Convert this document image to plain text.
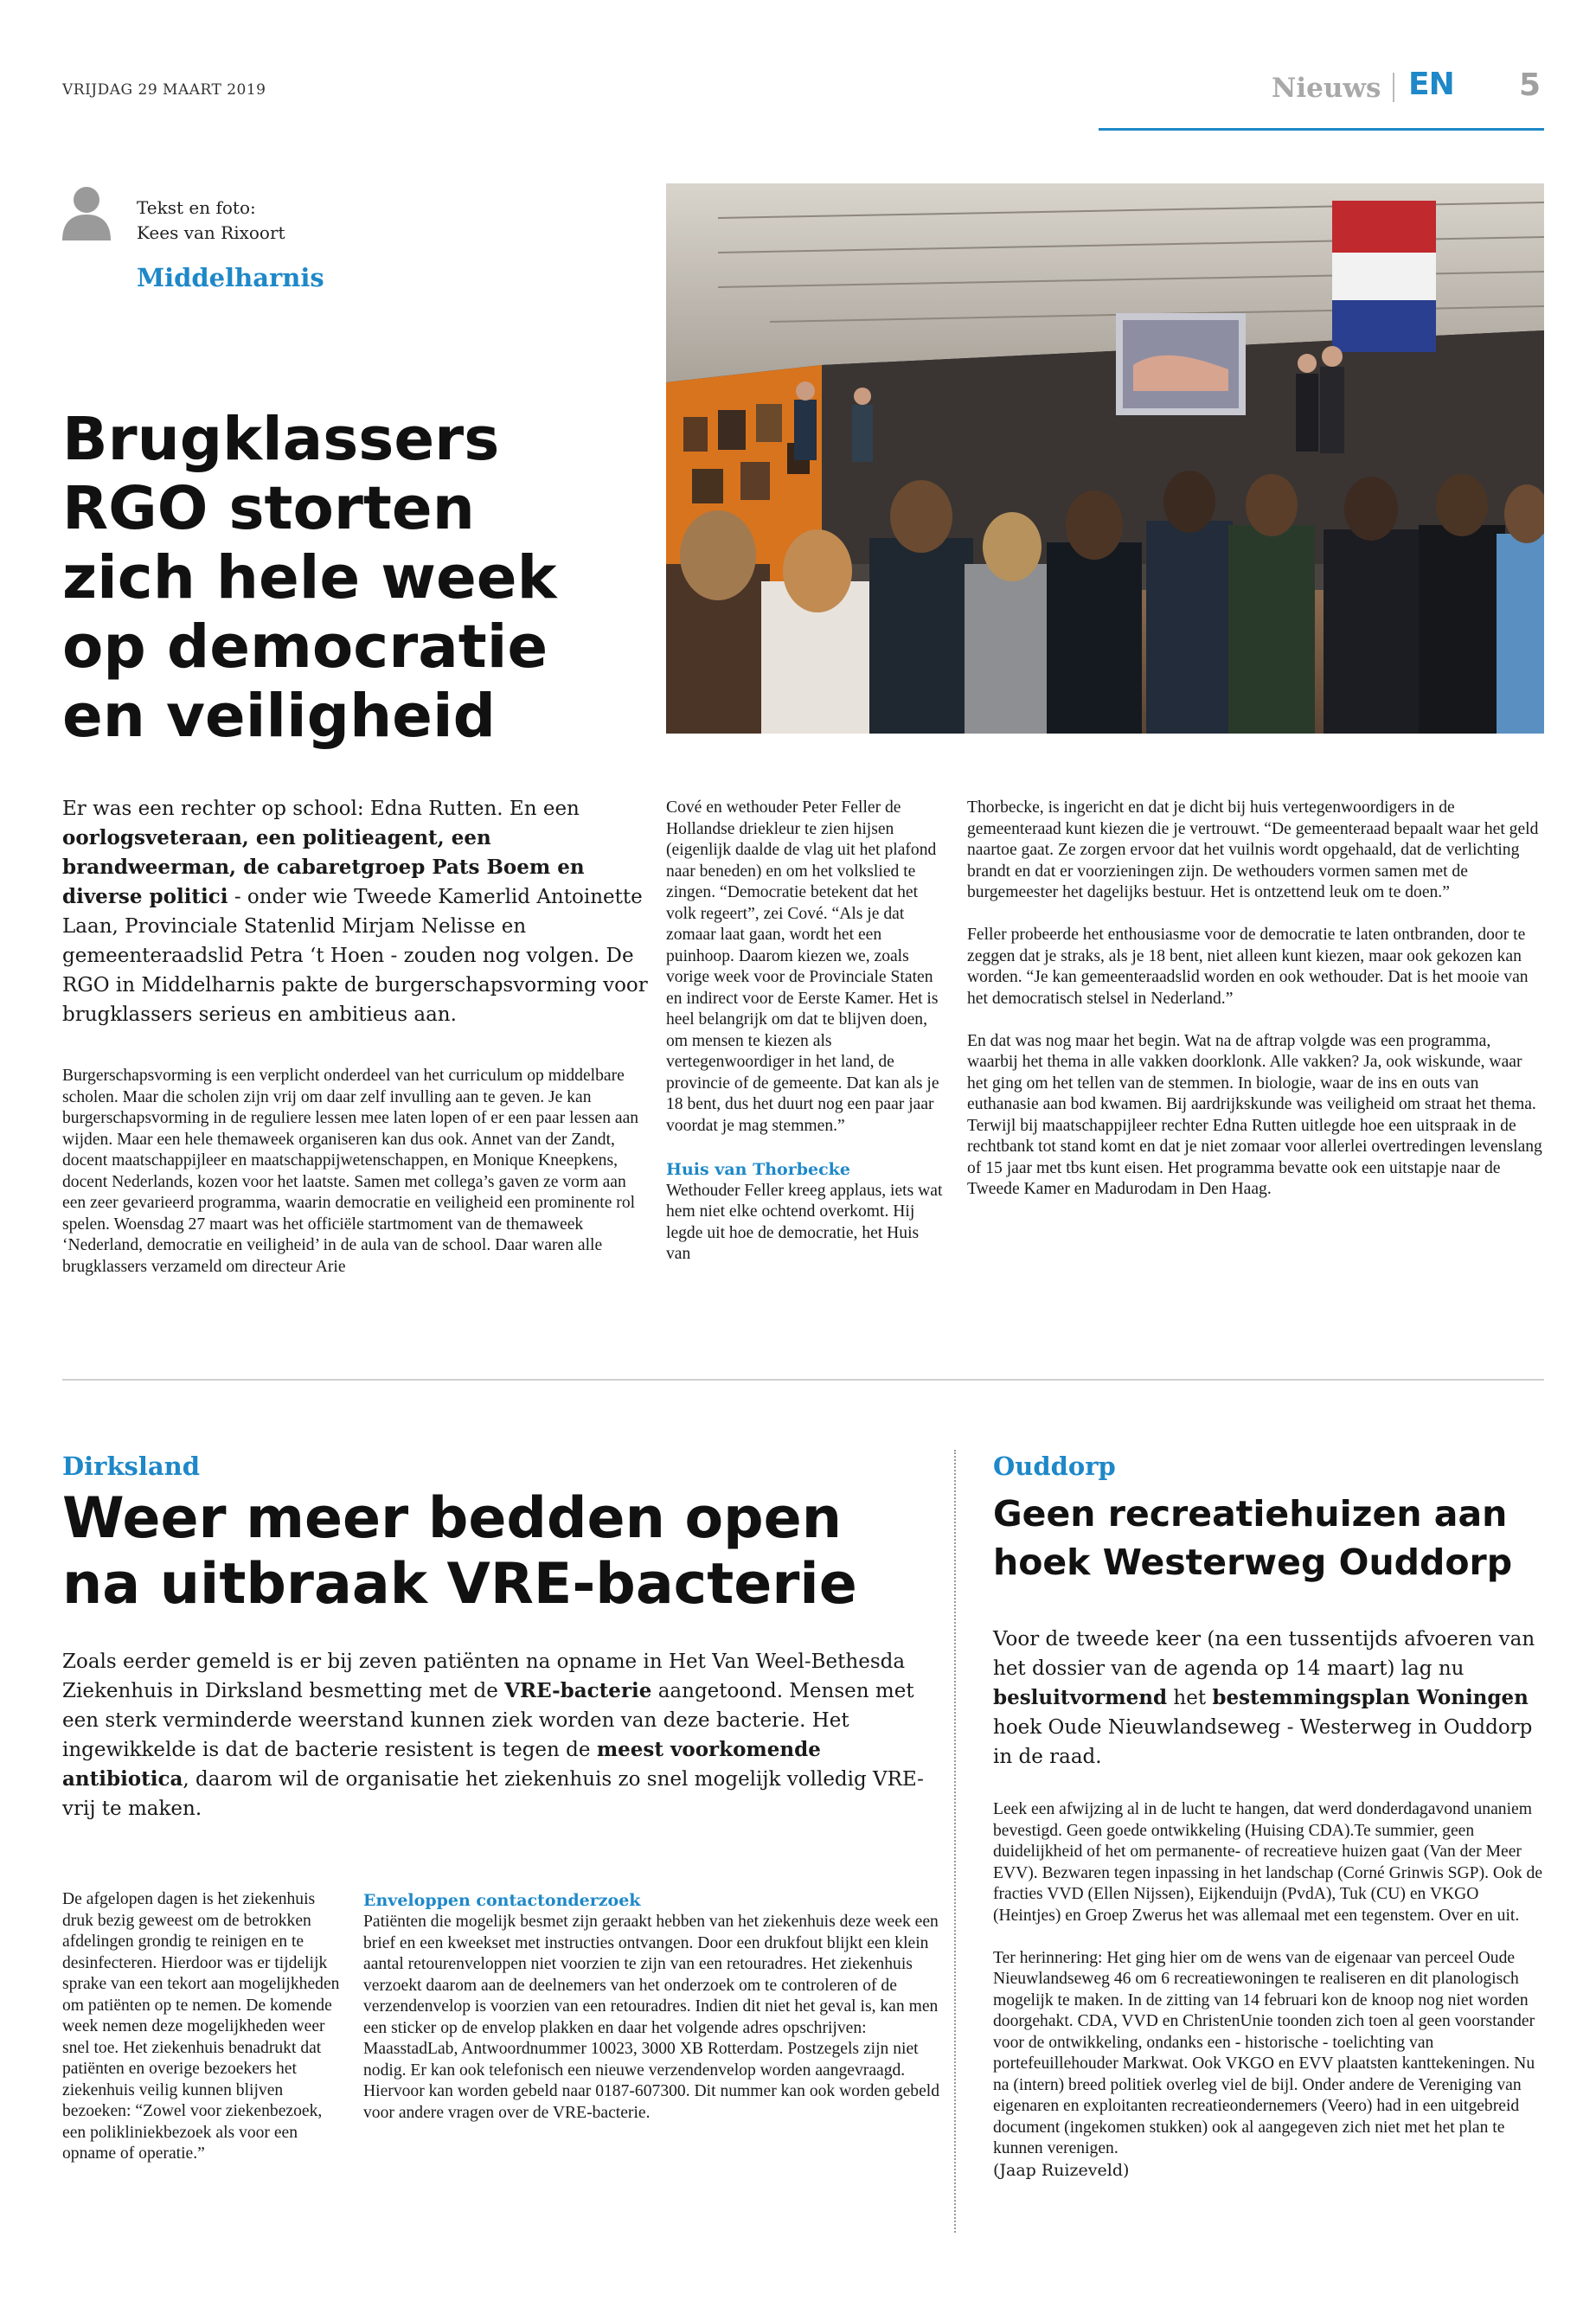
VRIJDAG 29 MAART 2019	Nieuws EN 5
Tekst en foto:
Kees van Rixoort
Middelharnis
Brugklassers RGO storten zich hele week op democratie en veiligheid
Er was een rechter op school: Edna Rutten. En een oorlogsveteraan, een politieagent, een brandweerman, de cabaretgroep Pats Boem en diverse politici - onder wie Tweede Kamerlid Antoinette Laan, Provinciale Statenlid Mirjam Nelisse en gemeenteraadslid Petra ‘t Hoen - zouden nog volgen. De RGO in Middelharnis pakte de burgerschapsvorming voor brugklassers serieus en ambitieus aan.

Burgerschapsvorming is een verplicht onderdeel van het curriculum op middelbare scholen. Maar die scholen zijn vrij om daar zelf invulling aan te geven. Je kan burgerschapsvorming in de reguliere lessen mee laten lopen of er een paar lessen aan wijden. Maar een hele themaweek organiseren kan dus ook. Annet van der Zandt, docent maatschappijleer en maatschappijwetenschappen, en Monique Kneepkens, docent Nederlands, kozen voor het laatste. Samen met collega’s gaven ze vorm aan een zeer gevarieerd programma, waarin democratie en veiligheid een prominente rol spelen. Woensdag 27 maart was het officiële startmoment van de themaweek ‘Nederland, democratie en veiligheid’ in de aula van de school. Daar waren alle brugklassers verzameld om directeur Arie

Cové en wethouder Peter Feller de Hollandse driekleur te zien hijsen (eigenlijk daalde de vlag uit het plafond naar beneden) en om het volkslied te zingen. “Democratie betekent dat het volk regeert”, zei Cové. “Als je dat zomaar laat gaan, wordt het een puinhoop. Daarom kiezen we, zoals vorige week voor de Provinciale Staten en indirect voor de Eerste Kamer. Het is heel belangrijk om dat te blijven doen, om mensen te kiezen als vertegenwoordiger in het land, de provincie of de gemeente. Dat kan als je 18 bent, dus het duurt nog een paar jaar voordat je mag stemmen.”

Huis van Thorbecke

Wethouder Feller kreeg applaus, iets wat hem niet elke ochtend overkomt. Hij legde uit hoe de democratie, het Huis van

Thorbecke, is ingericht en dat je dicht bij huis vertegenwoordigers in de gemeenteraad kunt kiezen die je vertrouwt. “De gemeenteraad bepaalt waar het geld naartoe gaat. Ze zorgen ervoor dat het vuilnis wordt opgehaald, dat de verlichting brandt en dat er voorzieningen zijn. De wethouders vormen samen met de burgemeester het dagelijks bestuur. Het is ontzettend leuk om te doen.”

Feller probeerde het enthousiasme voor de democratie te laten ontbranden, door te zeggen dat je straks, als je 18 bent, niet alleen kunt kiezen, maar ook gekozen kan worden. “Je kan gemeenteraadslid worden en ook wethouder. Dat is het mooie van het democratisch stelsel in Nederland.”

En dat was nog maar het begin. Wat na de aftrap volgde was een programma, waarbij het thema in alle vakken doorklonk. Alle vakken? Ja, ook wiskunde, waar het ging om het tellen van de stemmen. In biologie, waar de ins en outs van euthanasie aan bod kwamen. Bij aardrijkskunde was veiligheid om straat het thema. Terwijl bij maatschappijleer rechter Edna Rutten uitlegde hoe een uitspraak in de rechtbank tot stand komt en dat je niet zomaar voor allerlei overtredingen levenslang of 15 jaar met tbs kunt eisen. Het programma bevatte ook een uitstapje naar de Tweede Kamer en Madurodam in Den Haag.

Dirksland
Weer meer bedden open na uitbraak VRE-bacterie
Zoals eerder gemeld is er bij zeven patiënten na opname in Het Van Weel-Bethesda Ziekenhuis in Dirksland besmetting met de VRE-bacterie aangetoond. Mensen met een sterk verminderde weerstand kunnen ziek worden van deze bacterie. Het ingewikkelde is dat de bacterie resistent is tegen de meest voorkomende antibiotica, daarom wil de organisatie het ziekenhuis zo snel mogelijk volledig VRE-vrij te maken.

De afgelopen dagen is het ziekenhuis druk bezig geweest om de betrokken afdelingen grondig te reinigen en te desinfecteren. Hierdoor was er tijdelijk sprake van een tekort aan mogelijkheden om patiënten op te nemen. De komende week nemen deze mogelijkheden weer snel toe. Het ziekenhuis benadrukt dat patiënten en overige bezoekers het ziekenhuis veilig kunnen blijven bezoeken: “Zowel voor ziekenbezoek, een polikliniekbezoek als voor een opname of operatie.”

Enveloppen contactonderzoek

Patiënten die mogelijk besmet zijn geraakt hebben van het ziekenhuis deze week een brief en een kweekset met instructies ontvangen. Door een drukfout blijkt een klein aantal retourenveloppen niet voorzien te zijn van een retouradres. Het ziekenhuis verzoekt daarom aan de deelnemers van het onderzoek om te controleren of de verzendenvelop is voorzien van een retouradres. Indien dit niet het geval is, kan men een sticker op de envelop plakken en daar het volgende adres opschrijven: MaasstadLab, Antwoordnummer 10023, 3000 XB Rotterdam. Postzegels zijn niet nodig. Er kan ook telefonisch een nieuwe verzendenvelop worden aangevraagd. Hiervoor kan worden gebeld naar 0187-607300. Dit nummer kan ook worden gebeld voor andere vragen over de VRE-bacterie.

Ouddorp
Geen recreatiehuizen aan hoek Westerweg Ouddorp
Voor de tweede keer (na een tussentijds afvoeren van het dossier van de agenda op 14 maart) lag nu besluitvormend het bestemmingsplan Woningen hoek Oude Nieuwlandseweg - Westerweg in Ouddorp in de raad.

Leek een afwijzing al in de lucht te hangen, dat werd donderdagavond unaniem bevestigd. Geen goede ontwikkeling (Huising CDA).Te summier, geen duidelijkheid of het om permanente- of recreatieve huizen gaat (Van der Meer EVV). Bezwaren tegen inpassing in het landschap (Corné Grinwis SGP). Ook de fracties VVD (Ellen Nijssen), Eijkenduijn (PvdA), Tuk (CU) en VKGO (Heintjes) en Groep Zwerus het was allemaal met een tegenstem. Over en uit.

Ter herinnering: Het ging hier om de wens van de eigenaar van perceel Oude Nieuwlandseweg 46 om 6 recreatiewoningen te realiseren en dit planologisch mogelijk te maken. In de zitting van 14 februari kon de knoop nog niet worden doorgehakt. CDA, VVD en ChristenUnie toonden zich toen al geen voorstander voor de ontwikkeling, ondanks een - historische - toelichting van portefeuillehouder Markwat. Ook VKGO en EVV plaatsten kanttekeningen. Nu na (intern) breed politiek overleg viel de bijl. Onder andere de Vereniging van eigenaren en exploitanten recreatieondernemers (Veero) had in een uitgebreid document (ingekomen stukken) ook al aangegeven zich niet met het plan te kunnen verenigen.

(Jaap Ruizeveld)
